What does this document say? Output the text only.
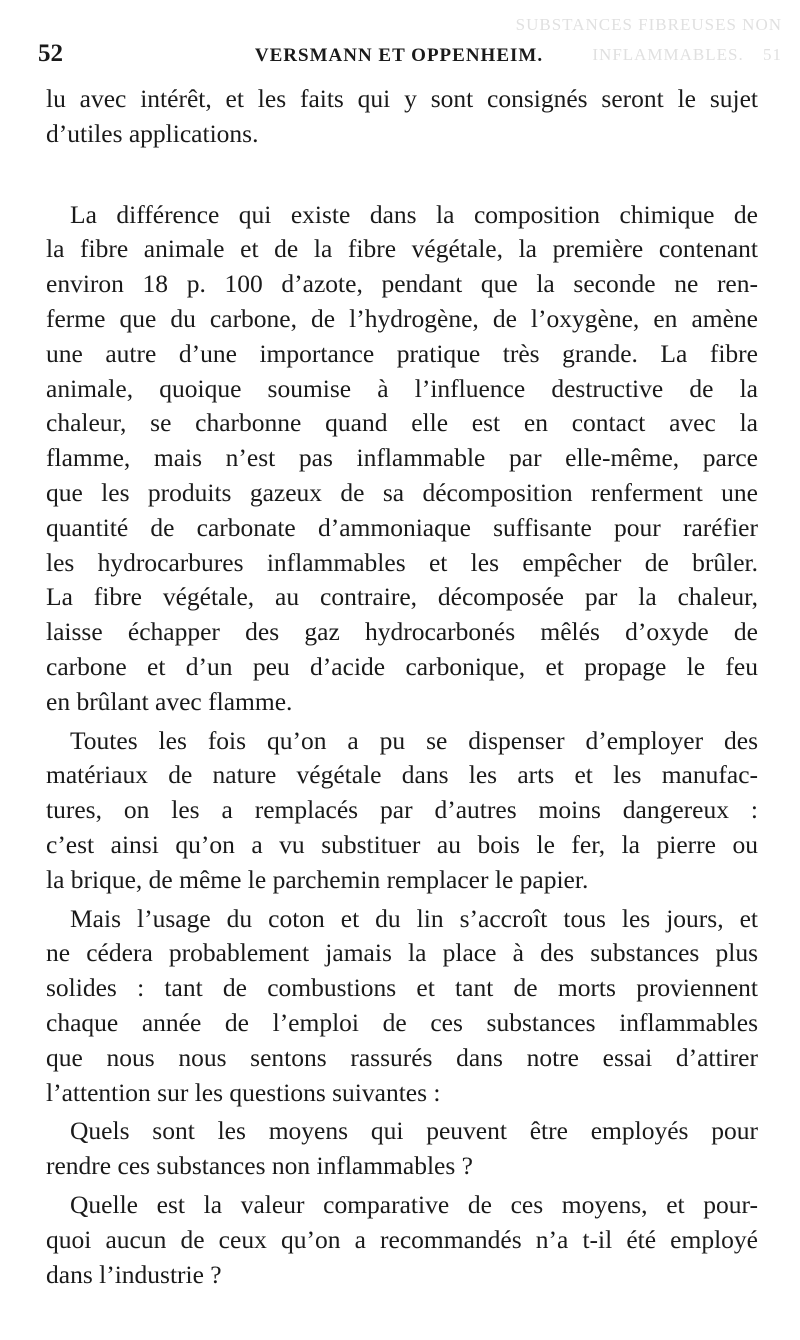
SUBSTANCES FIBREUSES NON INFLAMMABLES. 51
52	VERSMANN ET OPPENHEIM.

lu avec intérêt, et les faits qui y sont consignés seront le sujet
d’utiles applications.

La différence qui existe dans la composition chimique de
la fibre animale et de la fibre végétale, la première contenant
environ 18 p. 100 d’azote, pendant que la seconde ne ren-
ferme que du carbone, de l’hydrogène, de l’oxygène, en amène
une autre d’une importance pratique très grande. La fibre
animale, quoique soumise à l’influence destructive de la
chaleur, se charbonne quand elle est en contact avec la
flamme, mais n’est pas inflammable par elle-même, parce
que les produits gazeux de sa décomposition renferment une
quantité de carbonate d’ammoniaque suffisante pour raréfier
les hydrocarbures inflammables et les empêcher de brûler.
La fibre végétale, au contraire, décomposée par la chaleur,
laisse échapper des gaz hydrocarbonés mêlés d’oxyde de
carbone et d’un peu d’acide carbonique, et propage le feu
en brûlant avec flamme.

Toutes les fois qu’on a pu se dispenser d’employer des
matériaux de nature végétale dans les arts et les manufac-
tures, on les a remplacés par d’autres moins dangereux :
c’est ainsi qu’on a vu substituer au bois le fer, la pierre ou
la brique, de même le parchemin remplacer le papier.

Mais l’usage du coton et du lin s’accroît tous les jours, et
ne cédera probablement jamais la place à des substances plus
solides : tant de combustions et tant de morts proviennent
chaque année de l’emploi de ces substances inflammables
que nous nous sentons rassurés dans notre essai d’attirer
l’attention sur les questions suivantes :

Quels sont les moyens qui peuvent être employés pour
rendre ces substances non inflammables ?

Quelle est la valeur comparative de ces moyens, et pour-
quoi aucun de ceux qu’on a recommandés n’a t-il été employé
dans l’industrie ?
